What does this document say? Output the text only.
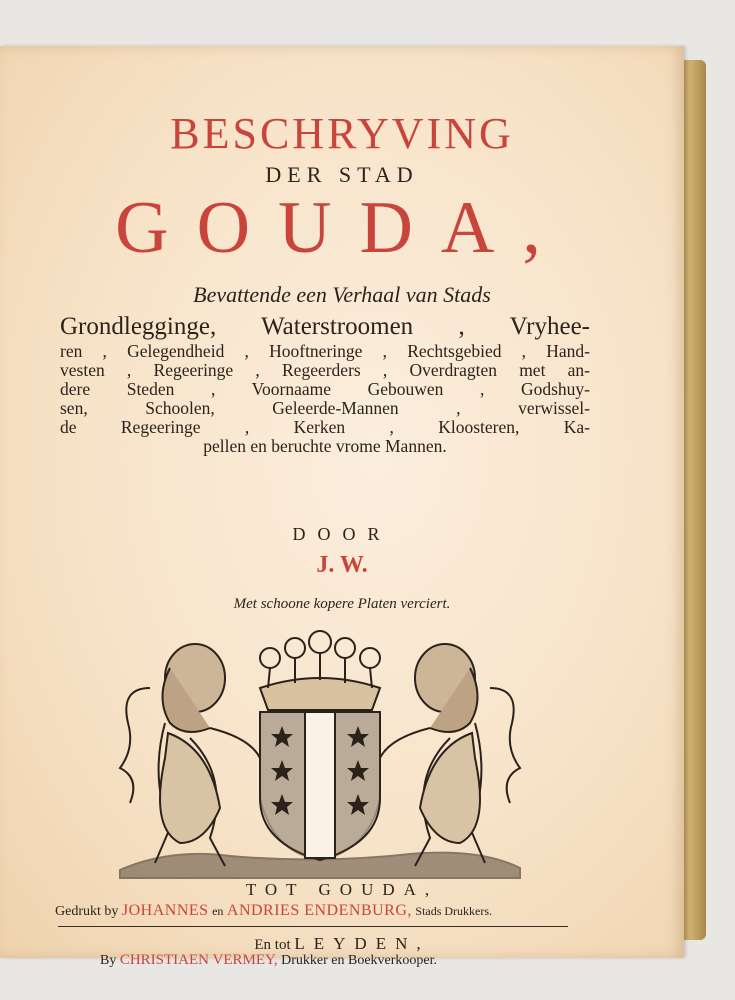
BESCHRYVING
DER STAD
GOUDA,
Bevattende een Verhaal van Stads
Grondlegginge, Waterstroomen , Vryhee-
ren , Gelegendheid , Hooftneringe , Rechtsgebied , Hand-
vesten , Regeeringe , Regeerders , Overdragten met an-
dere Steden , Voornaame Gebouwen , Godshuy-
sen, Schoolen, Geleerde-Mannen , verwissel-
de Regeeringe , Kerken , Kloosteren, Ka-
pellen en beruchte vrome Mannen.
DOOR
J. W.
Met schoone kopere Platen verciert.
TOT GOUDA,
Gedrukt by JOHANNES en ANDRIES ENDENBURG, Stads Drukkers.
En tot LEYDEN,
By CHRISTIAEN VERMEY, Drukker en Boekverkooper.
